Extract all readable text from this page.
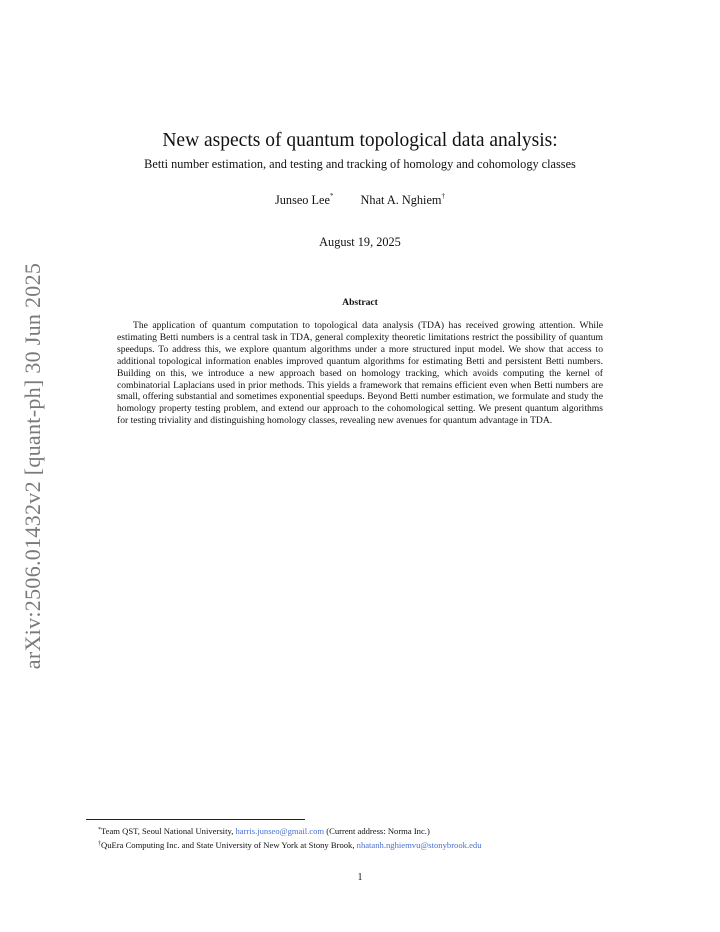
arXiv:2506.01432v2 [quant-ph] 30 Jun 2025
New aspects of quantum topological data analysis:
Betti number estimation, and testing and tracking of homology and cohomology classes
Junseo Lee* Nhat A. Nghiem†
August 19, 2025
Abstract

The application of quantum computation to topological data analysis (TDA) has received growing attention. While estimating Betti numbers is a central task in TDA, general complexity theoretic limitations restrict the possibility of quantum speedups. To address this, we explore quantum algorithms under a more structured input model. We show that access to additional topological information enables improved quantum algorithms for estimating Betti and persistent Betti numbers. Building on this, we introduce a new approach based on homology tracking, which avoids computing the kernel of combinatorial Laplacians used in prior methods. This yields a framework that remains efficient even when Betti numbers are small, offering substantial and sometimes exponential speedups. Beyond Betti number estimation, we formulate and study the homology property testing problem, and extend our approach to the cohomological setting. We present quantum algorithms for testing triviality and distinguishing homology classes, revealing new avenues for quantum advantage in TDA.

*Team QST, Seoul National University, harris.junseo@gmail.com (Current address: Norma Inc.)
†QuEra Computing Inc. and State University of New York at Stony Brook, nhatanh.nghiemvu@stonybrook.edu
1
